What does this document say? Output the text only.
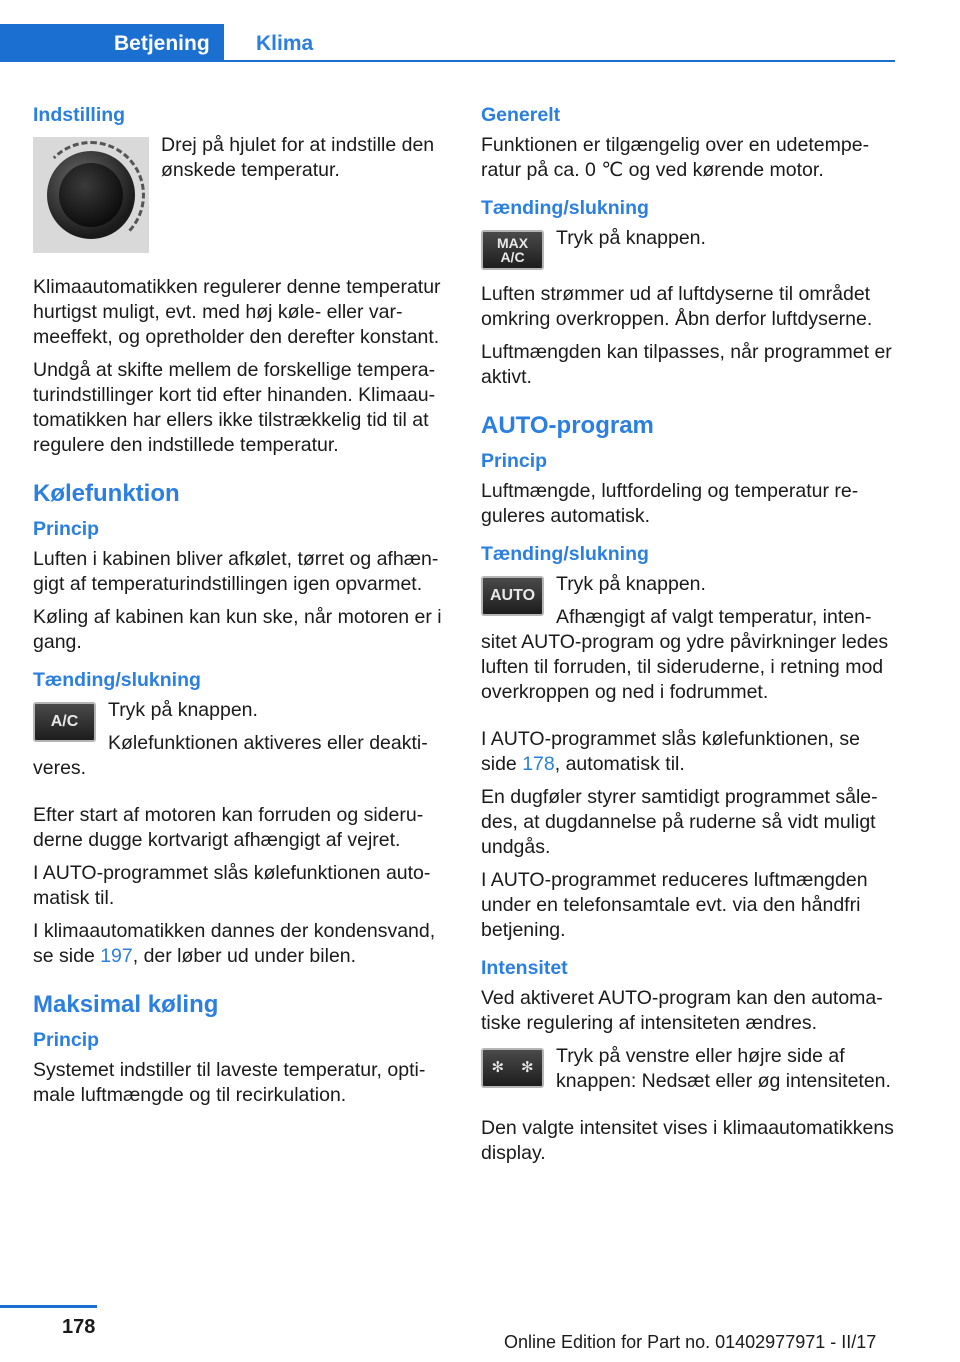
Betjening	Klima
Indstilling

Drej på hjulet for at indstille den ønskede temperatur.

Klimaautomatikken regulerer denne temperatur hurtigst muligt, evt. med høj køle- eller varmeeffekt, og opretholder den derefter konstant.

Undgå at skifte mellem de forskellige temperaturindstillinger kort tid efter hinanden. Klimaautomatikken har ellers ikke tilstrækkelig tid til at regulere den indstillede temperatur.

Kølefunktion
Princip

Luften i kabinen bliver afkølet, tørret og afhængigt af temperaturindstillingen igen opvarmet.

Køling af kabinen kan kun ske, når motoren er i gang.

Tænding/slukning
A/C

Tryk på knappen.

Kølefunktionen aktiveres eller deaktiveres.

Efter start af motoren kan forruden og sideruderne dugge kortvarigt afhængigt af vejret.

I AUTO-programmet slås kølefunktionen automatisk til.

I klimaautomatikken dannes der kondensvand, se side 197, der løber ud under bilen.

Maksimal køling
Princip

Systemet indstiller til laveste temperatur, optimale luftmængde og til recirkulation.

Generelt

Funktionen er tilgængelig over en udetemperatur på ca. 0 ℃ og ved kørende motor.

Tænding/slukning
MAX
A/C

Tryk på knappen.

Luften strømmer ud af luftdyserne til området omkring overkroppen. Åbn derfor luftdyserne.

Luftmængden kan tilpasses, når programmet er aktivt.

AUTO-program
Princip

Luftmængde, luftfordeling og temperatur reguleres automatisk.

Tænding/slukning
AUTO

Tryk på knappen.

Afhængigt af valgt temperatur, intensitet AUTO-program og ydre påvirkninger ledes luften til forruden, til sideruderne, i retning mod overkroppen og ned i fodrummet.

I AUTO-programmet slås kølefunktionen, se side 178, automatisk til.

En dugføler styrer samtidigt programmet således, at dugdannelse på ruderne så vidt muligt undgås.

I AUTO-programmet reduceres luftmængden under en telefonsamtale evt. via den håndfri betjening.

Intensitet

Ved aktiveret AUTO-program kan den automatiske regulering af intensiteten ændres.

✻ ✻

Tryk på venstre eller højre side af knappen: Nedsæt eller øg intensiteten.

Den valgte intensitet vises i klimaautomatikkens display.

178
Online Edition for Part no. 01402977971 - II/17
